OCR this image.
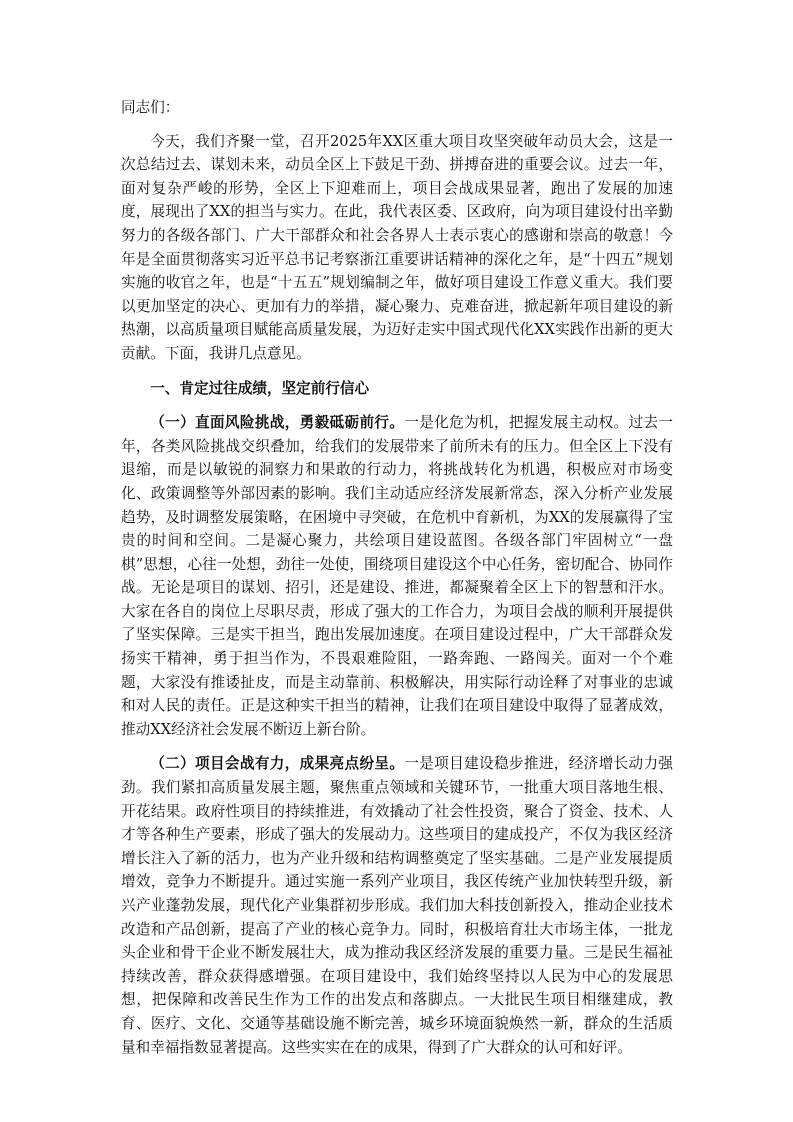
同志们：

今天，我们齐聚一堂，召开2025年XX区重大项目攻坚突破年动员大会，这是一次总结过去、谋划未来，动员全区上下鼓足干劲、拼搏奋进的重要会议。过去一年，面对复杂严峻的形势，全区上下迎难而上，项目会战成果显著，跑出了发展的加速度，展现出了XX的担当与实力。在此，我代表区委、区政府，向为项目建设付出辛勤努力的各级各部门、广大干部群众和社会各界人士表示衷心的感谢和崇高的敬意！今年是全面贯彻落实习近平总书记考察浙江重要讲话精神的深化之年，是“十四五”规划实施的收官之年，也是“十五五”规划编制之年，做好项目建设工作意义重大。我们要以更加坚定的决心、更加有力的举措，凝心聚力、克难奋进，掀起新年项目建设的新热潮，以高质量项目赋能高质量发展，为迈好走实中国式现代化XX实践作出新的更大贡献。下面，我讲几点意见。

一、肯定过往成绩，坚定前行信心

（一）直面风险挑战，勇毅砥砺前行。一是化危为机，把握发展主动权。过去一年，各类风险挑战交织叠加，给我们的发展带来了前所未有的压力。但全区上下没有退缩，而是以敏锐的洞察力和果敢的行动力，将挑战转化为机遇，积极应对市场变化、政策调整等外部因素的影响。我们主动适应经济发展新常态，深入分析产业发展趋势，及时调整发展策略，在困境中寻突破，在危机中育新机，为XX的发展赢得了宝贵的时间和空间。二是凝心聚力，共绘项目建设蓝图。各级各部门牢固树立“一盘棋”思想，心往一处想，劲往一处使，围绕项目建设这个中心任务，密切配合、协同作战。无论是项目的谋划、招引，还是建设、推进，都凝聚着全区上下的智慧和汗水。大家在各自的岗位上尽职尽责，形成了强大的工作合力，为项目会战的顺利开展提供了坚实保障。三是实干担当，跑出发展加速度。在项目建设过程中，广大干部群众发扬实干精神，勇于担当作为，不畏艰难险阻，一路奔跑、一路闯关。面对一个个难题，大家没有推诿扯皮，而是主动靠前、积极解决，用实际行动诠释了对事业的忠诚和对人民的责任。正是这种实干担当的精神，让我们在项目建设中取得了显著成效，推动XX经济社会发展不断迈上新台阶。

（二）项目会战有力，成果亮点纷呈。一是项目建设稳步推进，经济增长动力强劲。我们紧扣高质量发展主题，聚焦重点领域和关键环节，一批重大项目落地生根、开花结果。政府性项目的持续推进，有效撬动了社会性投资，聚合了资金、技术、人才等各种生产要素，形成了强大的发展动力。这些项目的建成投产，不仅为我区经济增长注入了新的活力，也为产业升级和结构调整奠定了坚实基础。二是产业发展提质增效，竞争力不断提升。通过实施一系列产业项目，我区传统产业加快转型升级，新兴产业蓬勃发展，现代化产业集群初步形成。我们加大科技创新投入，推动企业技术改造和产品创新，提高了产业的核心竞争力。同时，积极培育壮大市场主体，一批龙头企业和骨干企业不断发展壮大，成为推动我区经济发展的重要力量。三是民生福祉持续改善，群众获得感增强。在项目建设中，我们始终坚持以人民为中心的发展思想，把保障和改善民生作为工作的出发点和落脚点。一大批民生项目相继建成，教育、医疗、文化、交通等基础设施不断完善，城乡环境面貌焕然一新，群众的生活质量和幸福指数显著提高。这些实实在在的成果，得到了广大群众的认可和好评。
